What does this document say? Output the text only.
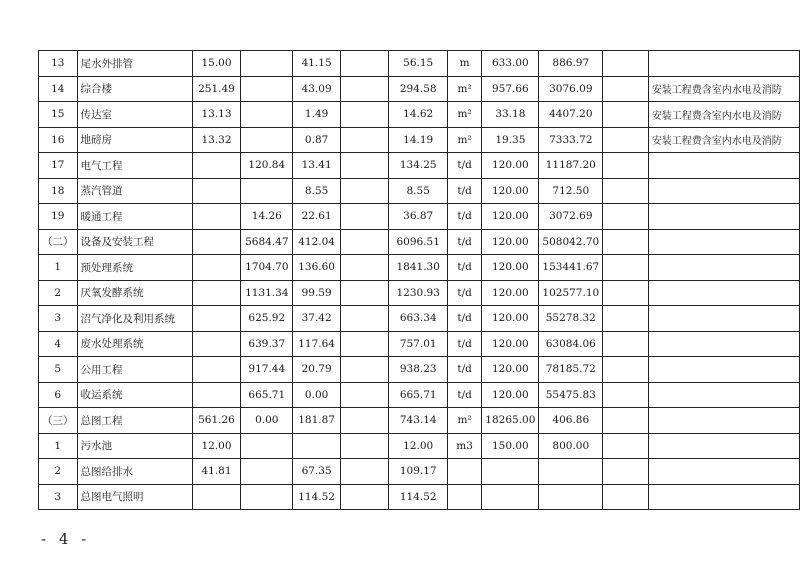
13	尾水外排管	15.00		41.15		56.15	m	633.00	886.97		
14	综合楼	251.49		43.09		294.58	m²	957.66	3076.09		安装工程费含室内水电及消防
15	传达室	13.13		1.49		14.62	m²	33.18	4407.20		安装工程费含室内水电及消防
16	地磅房	13.32		0.87		14.19	m²	19.35	7333.72		安装工程费含室内水电及消防
17	电气工程		120.84	13.41		134.25	t/d	120.00	11187.20		
18	蒸汽管道			8.55		8.55	t/d	120.00	712.50		
19	暖通工程		14.26	22.61		36.87	t/d	120.00	3072.69		
（二）	设备及安装工程		5684.47	412.04		6096.51	t/d	120.00	508042.70		
1	预处理系统		1704.70	136.60		1841.30	t/d	120.00	153441.67		
2	厌氧发酵系统		1131.34	99.59		1230.93	t/d	120.00	102577.10		
3	沼气净化及利用系统		625.92	37.42		663.34	t/d	120.00	55278.32		
4	废水处理系统		639.37	117.64		757.01	t/d	120.00	63084.06		
5	公用工程		917.44	20.79		938.23	t/d	120.00	78185.72		
6	收运系统		665.71	0.00		665.71	t/d	120.00	55475.83		
（三）	总图工程	561.26	0.00	181.87		743.14	m²	18265.00	406.86		
1	污水池	12.00				12.00	m3	150.00	800.00		
2	总图给排水	41.81		67.35		109.17					
3	总图电气照明			114.52		114.52					
- 4 -
